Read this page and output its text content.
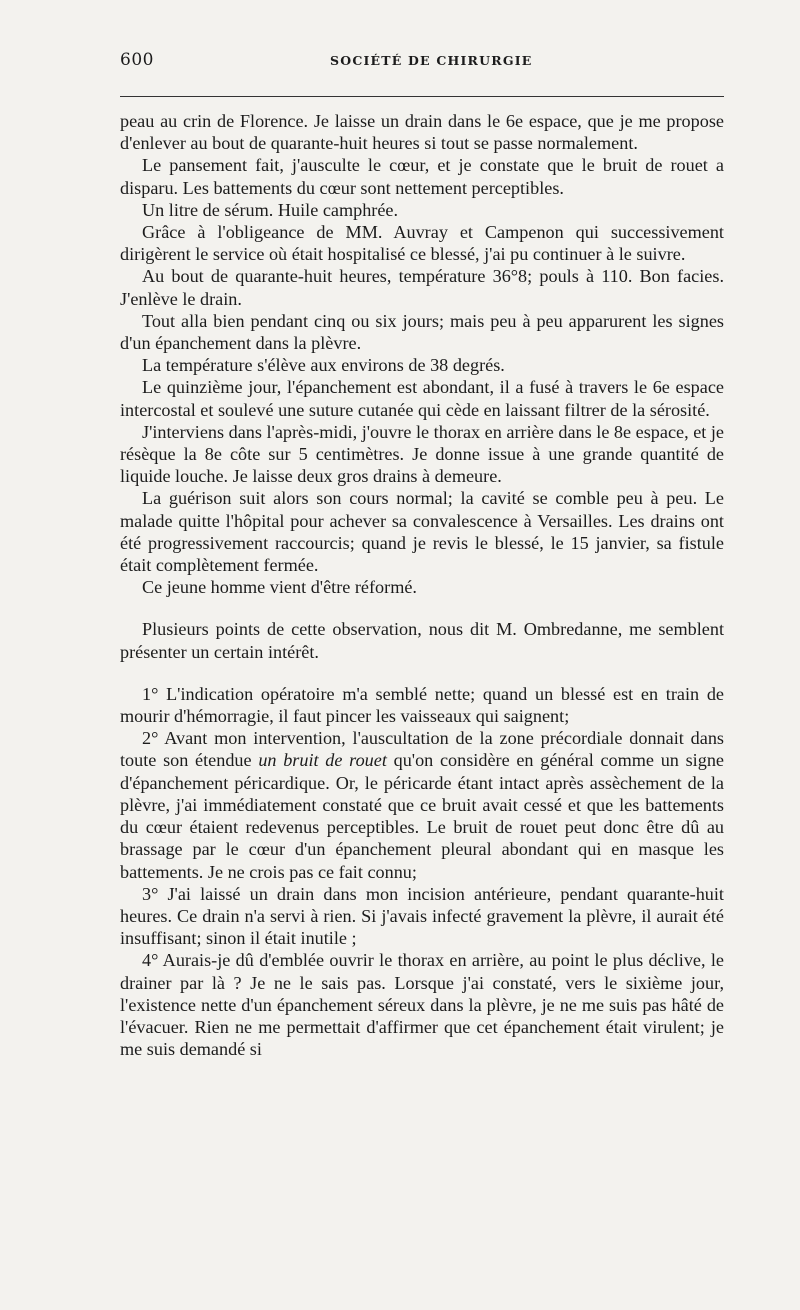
600	SOCIÉTÉ DE CHIRURGIE

peau au crin de Florence. Je laisse un drain dans le 6e espace, que je me propose d'enlever au bout de quarante-huit heures si tout se passe normalement.

Le pansement fait, j'ausculte le cœur, et je constate que le bruit de rouet a disparu. Les battements du cœur sont nettement perceptibles.

Un litre de sérum. Huile camphrée.

Grâce à l'obligeance de MM. Auvray et Campenon qui successivement dirigèrent le service où était hospitalisé ce blessé, j'ai pu continuer à le suivre.

Au bout de quarante-huit heures, température 36°8; pouls à 110. Bon facies. J'enlève le drain.

Tout alla bien pendant cinq ou six jours; mais peu à peu apparurent les signes d'un épanchement dans la plèvre.

La température s'élève aux environs de 38 degrés.

Le quinzième jour, l'épanchement est abondant, il a fusé à travers le 6e espace intercostal et soulevé une suture cutanée qui cède en laissant filtrer de la sérosité.

J'interviens dans l'après-midi, j'ouvre le thorax en arrière dans le 8e espace, et je résèque la 8e côte sur 5 centimètres. Je donne issue à une grande quantité de liquide louche. Je laisse deux gros drains à demeure.

La guérison suit alors son cours normal; la cavité se comble peu à peu. Le malade quitte l'hôpital pour achever sa convalescence à Versailles. Les drains ont été progressivement raccourcis; quand je revis le blessé, le 15 janvier, sa fistule était complètement fermée.

Ce jeune homme vient d'être réformé.

Plusieurs points de cette observation, nous dit M. Ombredanne, me semblent présenter un certain intérêt.

1° L'indication opératoire m'a semblé nette; quand un blessé est en train de mourir d'hémorragie, il faut pincer les vaisseaux qui saignent;

2° Avant mon intervention, l'auscultation de la zone précordiale donnait dans toute son étendue un bruit de rouet qu'on considère en général comme un signe d'épanchement péricardique. Or, le péricarde étant intact après assèchement de la plèvre, j'ai immédiatement constaté que ce bruit avait cessé et que les battements du cœur étaient redevenus perceptibles. Le bruit de rouet peut donc être dû au brassage par le cœur d'un épanchement pleural abondant qui en masque les battements. Je ne crois pas ce fait connu;

3° J'ai laissé un drain dans mon incision antérieure, pendant quarante-huit heures. Ce drain n'a servi à rien. Si j'avais infecté gravement la plèvre, il aurait été insuffisant; sinon il était inutile ;

4° Aurais-je dû d'emblée ouvrir le thorax en arrière, au point le plus déclive, le drainer par là ? Je ne le sais pas. Lorsque j'ai constaté, vers le sixième jour, l'existence nette d'un épanchement séreux dans la plèvre, je ne me suis pas hâté de l'évacuer. Rien ne me permettait d'affirmer que cet épanchement était virulent; je me suis demandé si
